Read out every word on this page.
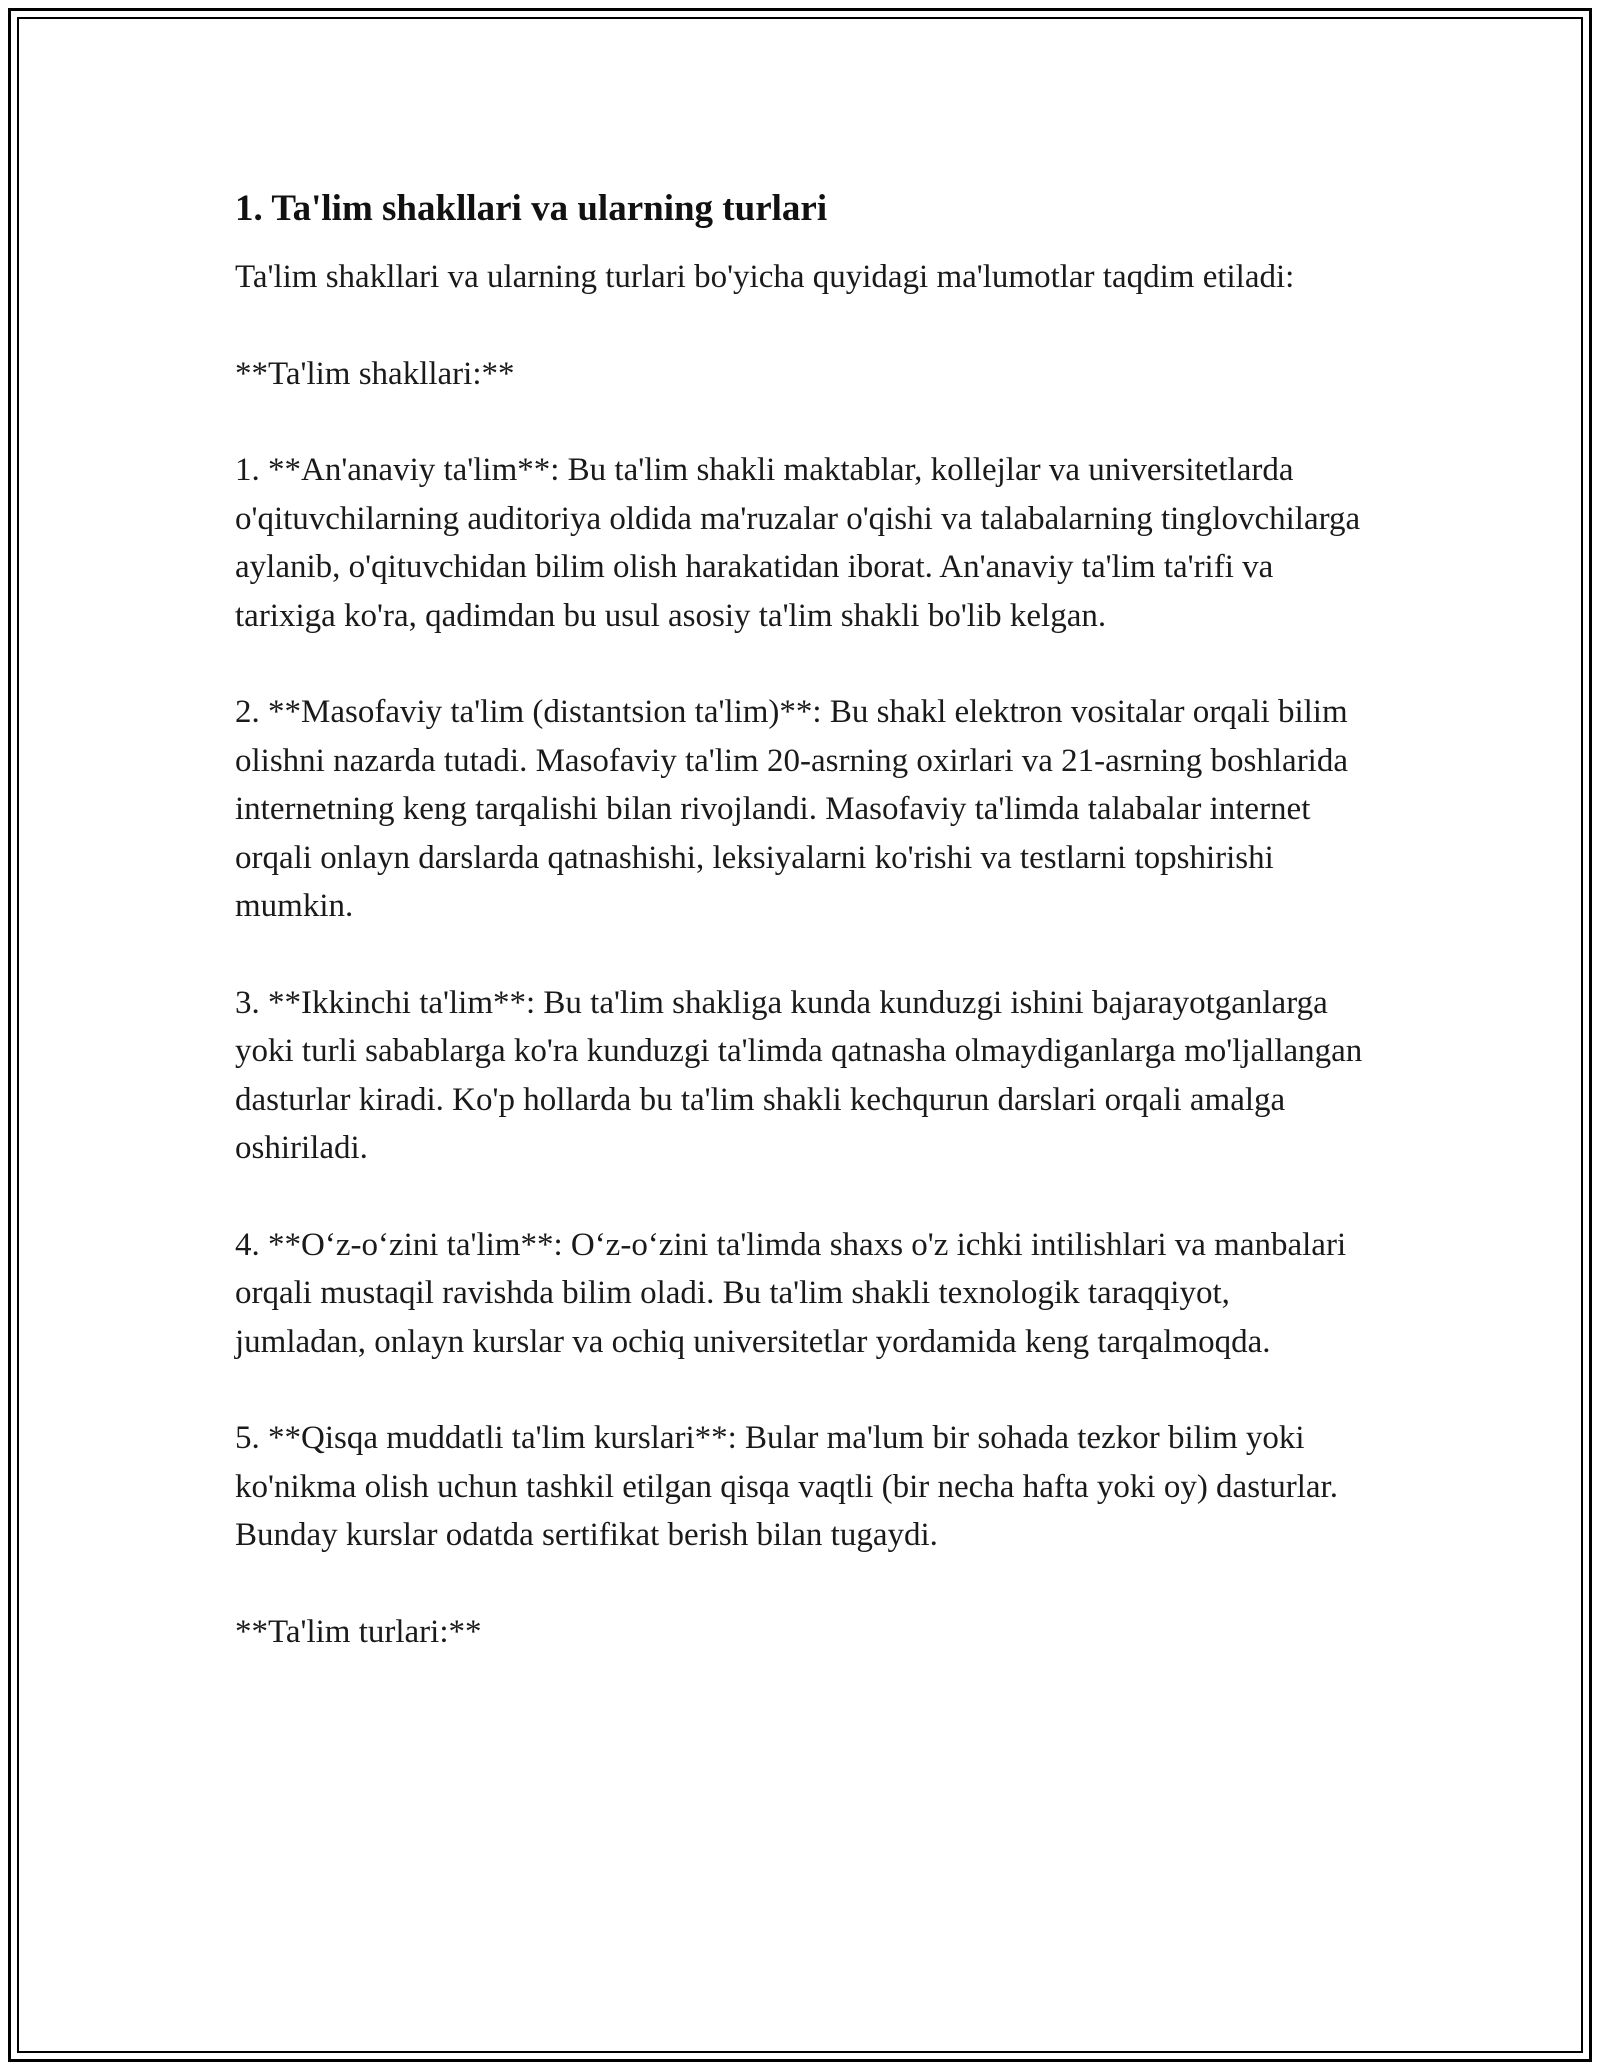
1. Ta'lim shakllari va ularning turlari

Ta'lim shakllari va ularning turlari bo'yicha quyidagi ma'lumotlar taqdim etiladi:

**Ta'lim shakllari:**

1. **An'anaviy ta'lim**: Bu ta'lim shakli maktablar, kollejlar va universitetlarda o'qituvchilarning auditoriya oldida ma'ruzalar o'qishi va talabalarning tinglovchilarga aylanib, o'qituvchidan bilim olish harakatidan iborat. An'anaviy ta'lim ta'rifi va tarixiga ko'ra, qadimdan bu usul asosiy ta'lim shakli bo'lib kelgan.

2. **Masofaviy ta'lim (distantsion ta'lim)**: Bu shakl elektron vositalar orqali bilim olishni nazarda tutadi. Masofaviy ta'lim 20-asrning oxirlari va 21-asrning boshlarida internetning keng tarqalishi bilan rivojlandi. Masofaviy ta'limda talabalar internet orqali onlayn darslarda qatnashishi, leksiyalarni ko'rishi va testlarni topshirishi mumkin.

3. **Ikkinchi ta'lim**: Bu ta'lim shakliga kunda kunduzgi ishini bajarayotganlarga yoki turli sabablarga ko'ra kunduzgi ta'limda qatnasha olmaydiganlarga mo'ljallangan dasturlar kiradi. Ko'p hollarda bu ta'lim shakli kechqurun darslari orqali amalga oshiriladi.

4. **O‘z-o‘zini ta'lim**: O‘z-o‘zini ta'limda shaxs o'z ichki intilishlari va manbalari orqali mustaqil ravishda bilim oladi. Bu ta'lim shakli texnologik taraqqiyot, jumladan, onlayn kurslar va ochiq universitetlar yordamida keng tarqalmoqda.

5. **Qisqa muddatli ta'lim kurslari**: Bular ma'lum bir sohada tezkor bilim yoki ko'nikma olish uchun tashkil etilgan qisqa vaqtli (bir necha hafta yoki oy) dasturlar. Bunday kurslar odatda sertifikat berish bilan tugaydi.

**Ta'lim turlari:**
